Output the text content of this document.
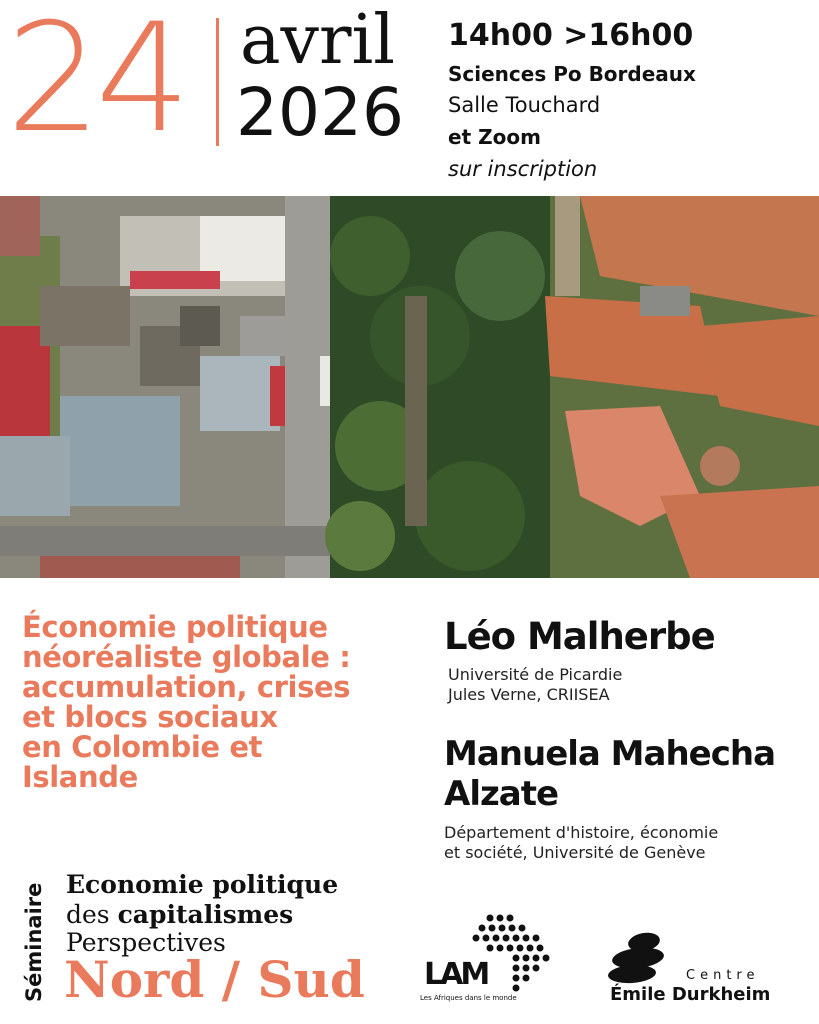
24 avril
2026
14h00 >16h00
Sciences Po Bordeaux
Salle Touchard
et Zoom
sur inscription
Économie politique
néoréaliste globale :
accumulation, crises
et blocs sociaux
en Colombie et
Islande
Léo Malherbe
Université de Picardie
Jules Verne, CRIISEA
Manuela Mahecha
Alzate
Département d'histoire, économie
et société, Université de Genève
Séminaire Economie politique
des capitalismes
Perspectives
Nord / Sud LAM
Les Afriques dans le monde
Centre
Émile Durkheim
